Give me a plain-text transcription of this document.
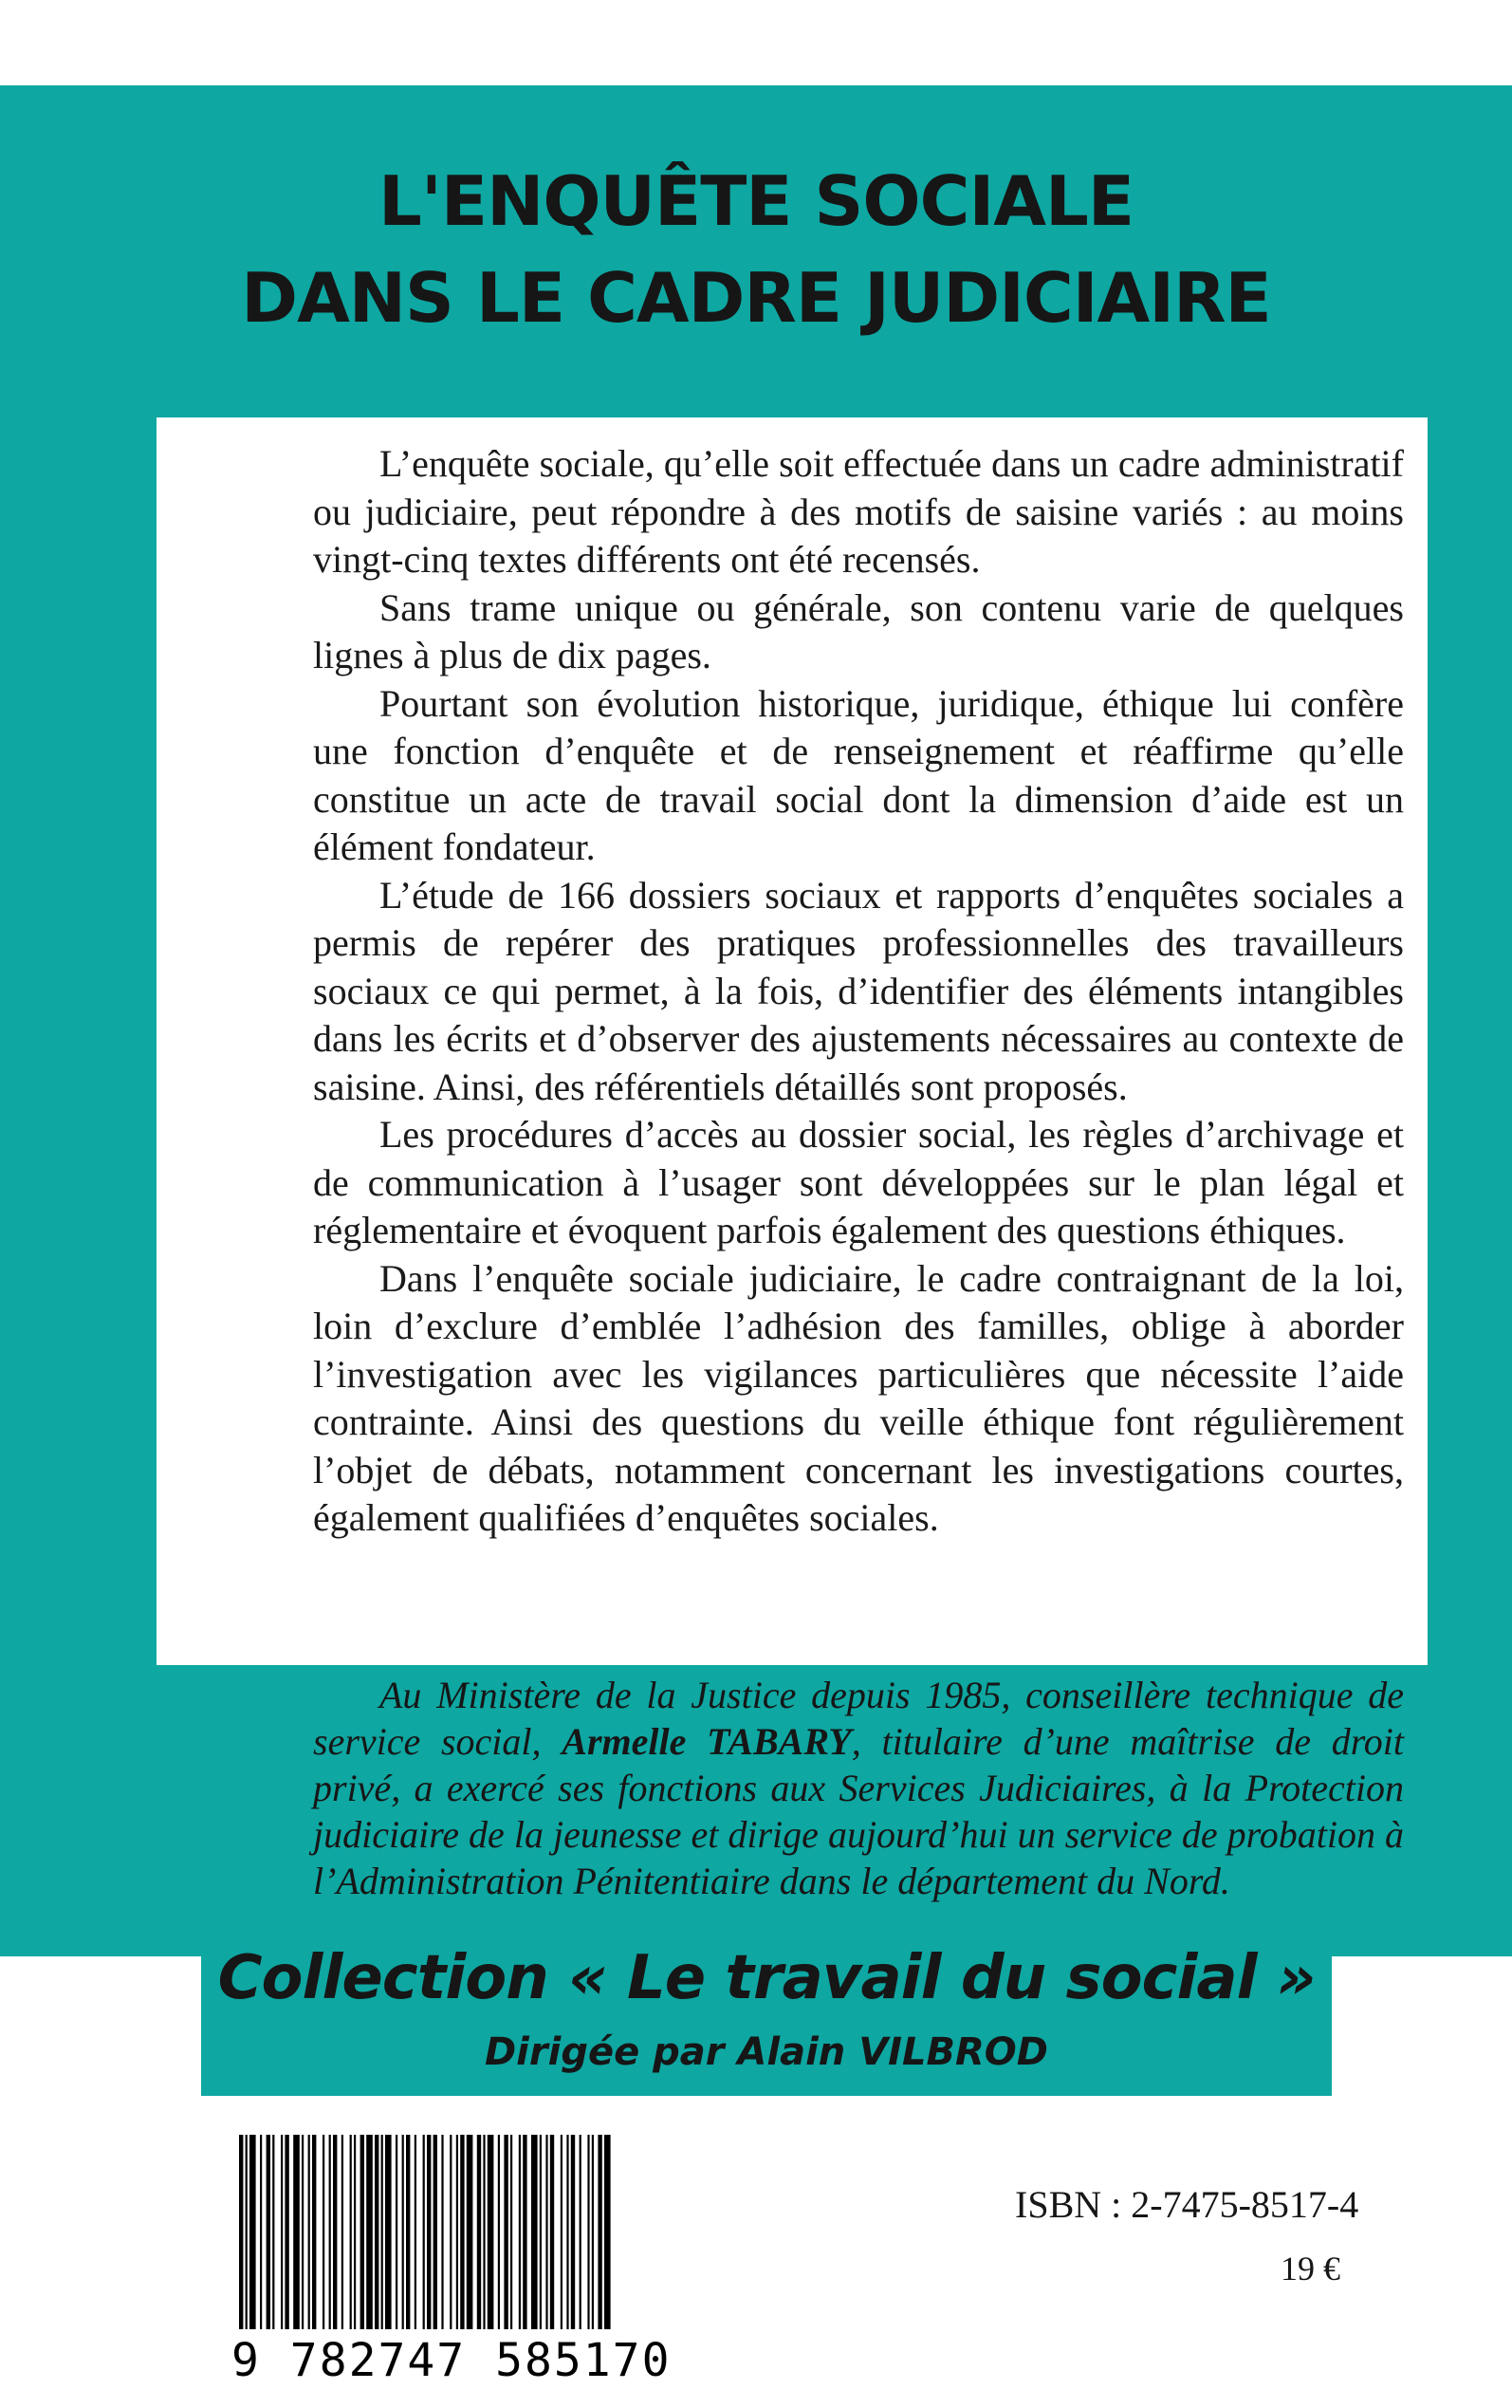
L'ENQUÊTE SOCIALE
DANS LE CADRE JUDICIAIRE

L’enquête sociale, qu’elle soit effectuée dans un cadre administratif ou judiciaire, peut répondre à des motifs de saisine variés : au moins vingt-cinq textes différents ont été recensés.

Sans trame unique ou générale, son contenu varie de quelques lignes à plus de dix pages.

Pourtant son évolution historique, juridique, éthique lui confère une fonction d’enquête et de renseignement et réaffirme qu’elle constitue un acte de travail social dont la dimension d’aide est un élément fondateur.

L’étude de 166 dossiers sociaux et rapports d’enquêtes sociales a permis de repérer des pratiques professionnelles des travailleurs sociaux ce qui permet, à la fois, d’identifier des éléments intangibles dans les écrits et d’observer des ajustements nécessaires au contexte de saisine. Ainsi, des référentiels détaillés sont proposés.

Les procédures d’accès au dossier social, les règles d’archivage et de communication à l’usager sont développées sur le plan légal et réglementaire et évoquent parfois également des questions éthiques.

Dans l’enquête sociale judiciaire, le cadre contraignant de la loi, loin d’exclure d’emblée l’adhésion des familles, oblige à aborder l’investigation avec les vigilances particulières que nécessite l’aide contrainte. Ainsi des questions du veille éthique font régulièrement l’objet de débats, notamment concernant les investigations courtes, également qualifiées d’enquêtes sociales.

Au Ministère de la Justice depuis 1985, conseillère technique de service social, Armelle TABARY, titulaire d’une maîtrise de droit privé, a exercé ses fonctions aux Services Judiciaires, à la Protection judiciaire de la jeunesse et dirige aujourd’hui un service de probation à l’Administration Pénitentiaire dans le département du Nord.

Collection « Le travail du social »
Dirigée par Alain VILBROD
9 782747 585170
ISBN : 2-7475-8517-4
19 €
